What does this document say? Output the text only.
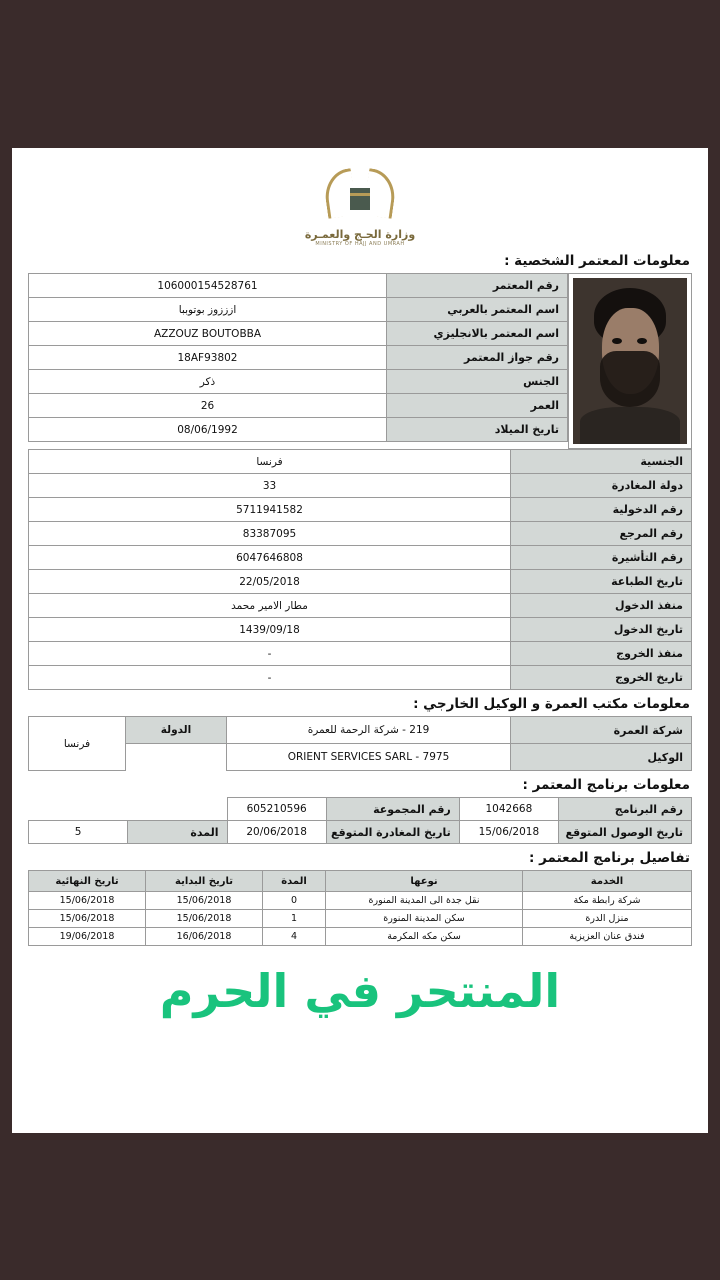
وزارة الحـج والعمـرة
MINISTRY OF HAJJ AND UMRAH
معلومات المعتمر الشخصية :
رقم المعتمر	106000154528761
اسم المعتمر بالعربي	ازززوز بوتوببا
اسم المعتمر بالانجليزي	AZZOUZ BOUTOBBA
رقم جواز المعتمر	18AF93802
الجنس	ذكر
العمر	26
تاريخ الميلاد	08/06/1992
الجنسية	فرنسا
دولة المغادرة	33
رقم الدخولية	5711941582
رقم المرجع	83387095
رقم التأشيرة	6047646808
تاريخ الطباعة	22/05/2018
منفذ الدخول	مطار الامير محمد
تاريخ الدخول	1439/09/18
منفذ الخروج	-
تاريخ الخروج	-
معلومات مكتب العمرة و الوكيل الخارجي :
شركة العمرة	219 - شركة الرحمة للعمرة	الدولة	فرنسا
الوكيل	7975 - ORIENT SERVICES SARL		
معلومات برنامج المعتمر :
رقم البرنامج	1042668	رقم المجموعة	605210596		
تاريخ الوصول المتوقع	15/06/2018	تاريخ المغادرة المتوقع	20/06/2018	المدة	5
تفاصيل برنامج المعتمر :
الخدمة	نوعها	المدة	تاريخ البداية	تاريخ النهائية
شركة رابطة مكة	نقل جدة الى المدينة المنورة	0	15/06/2018	15/06/2018
منزل الدرة	سكن المدينة المنورة	1	15/06/2018	15/06/2018
فندق عنان العزيزية	سكن مكه المكرمة	4	16/06/2018	19/06/2018
المنتحر في الحرم
